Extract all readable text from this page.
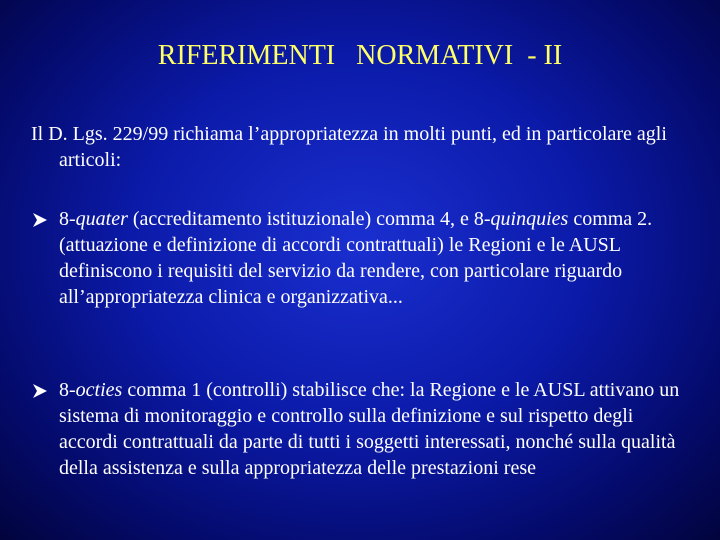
RIFERIMENTI   NORMATIVI  - II
Il D. Lgs. 229/99 richiama l’appropriatezza in molti punti, ed in particolare agli articoli:
8-quater (accreditamento istituzionale) comma 4, e 8-quinquies comma 2. (attuazione e definizione di accordi contrattuali) le Regioni e le AUSL definiscono i requisiti del servizio da rendere, con particolare riguardo all’appropriatezza clinica e organizzativa...
8-octies comma 1 (controlli) stabilisce che: la Regione e le AUSL attivano un sistema di monitoraggio e controllo sulla definizione e sul rispetto degli accordi contrattuali da parte di tutti i soggetti interessati, nonché sulla qualità della assistenza e sulla appropriatezza delle prestazioni rese
